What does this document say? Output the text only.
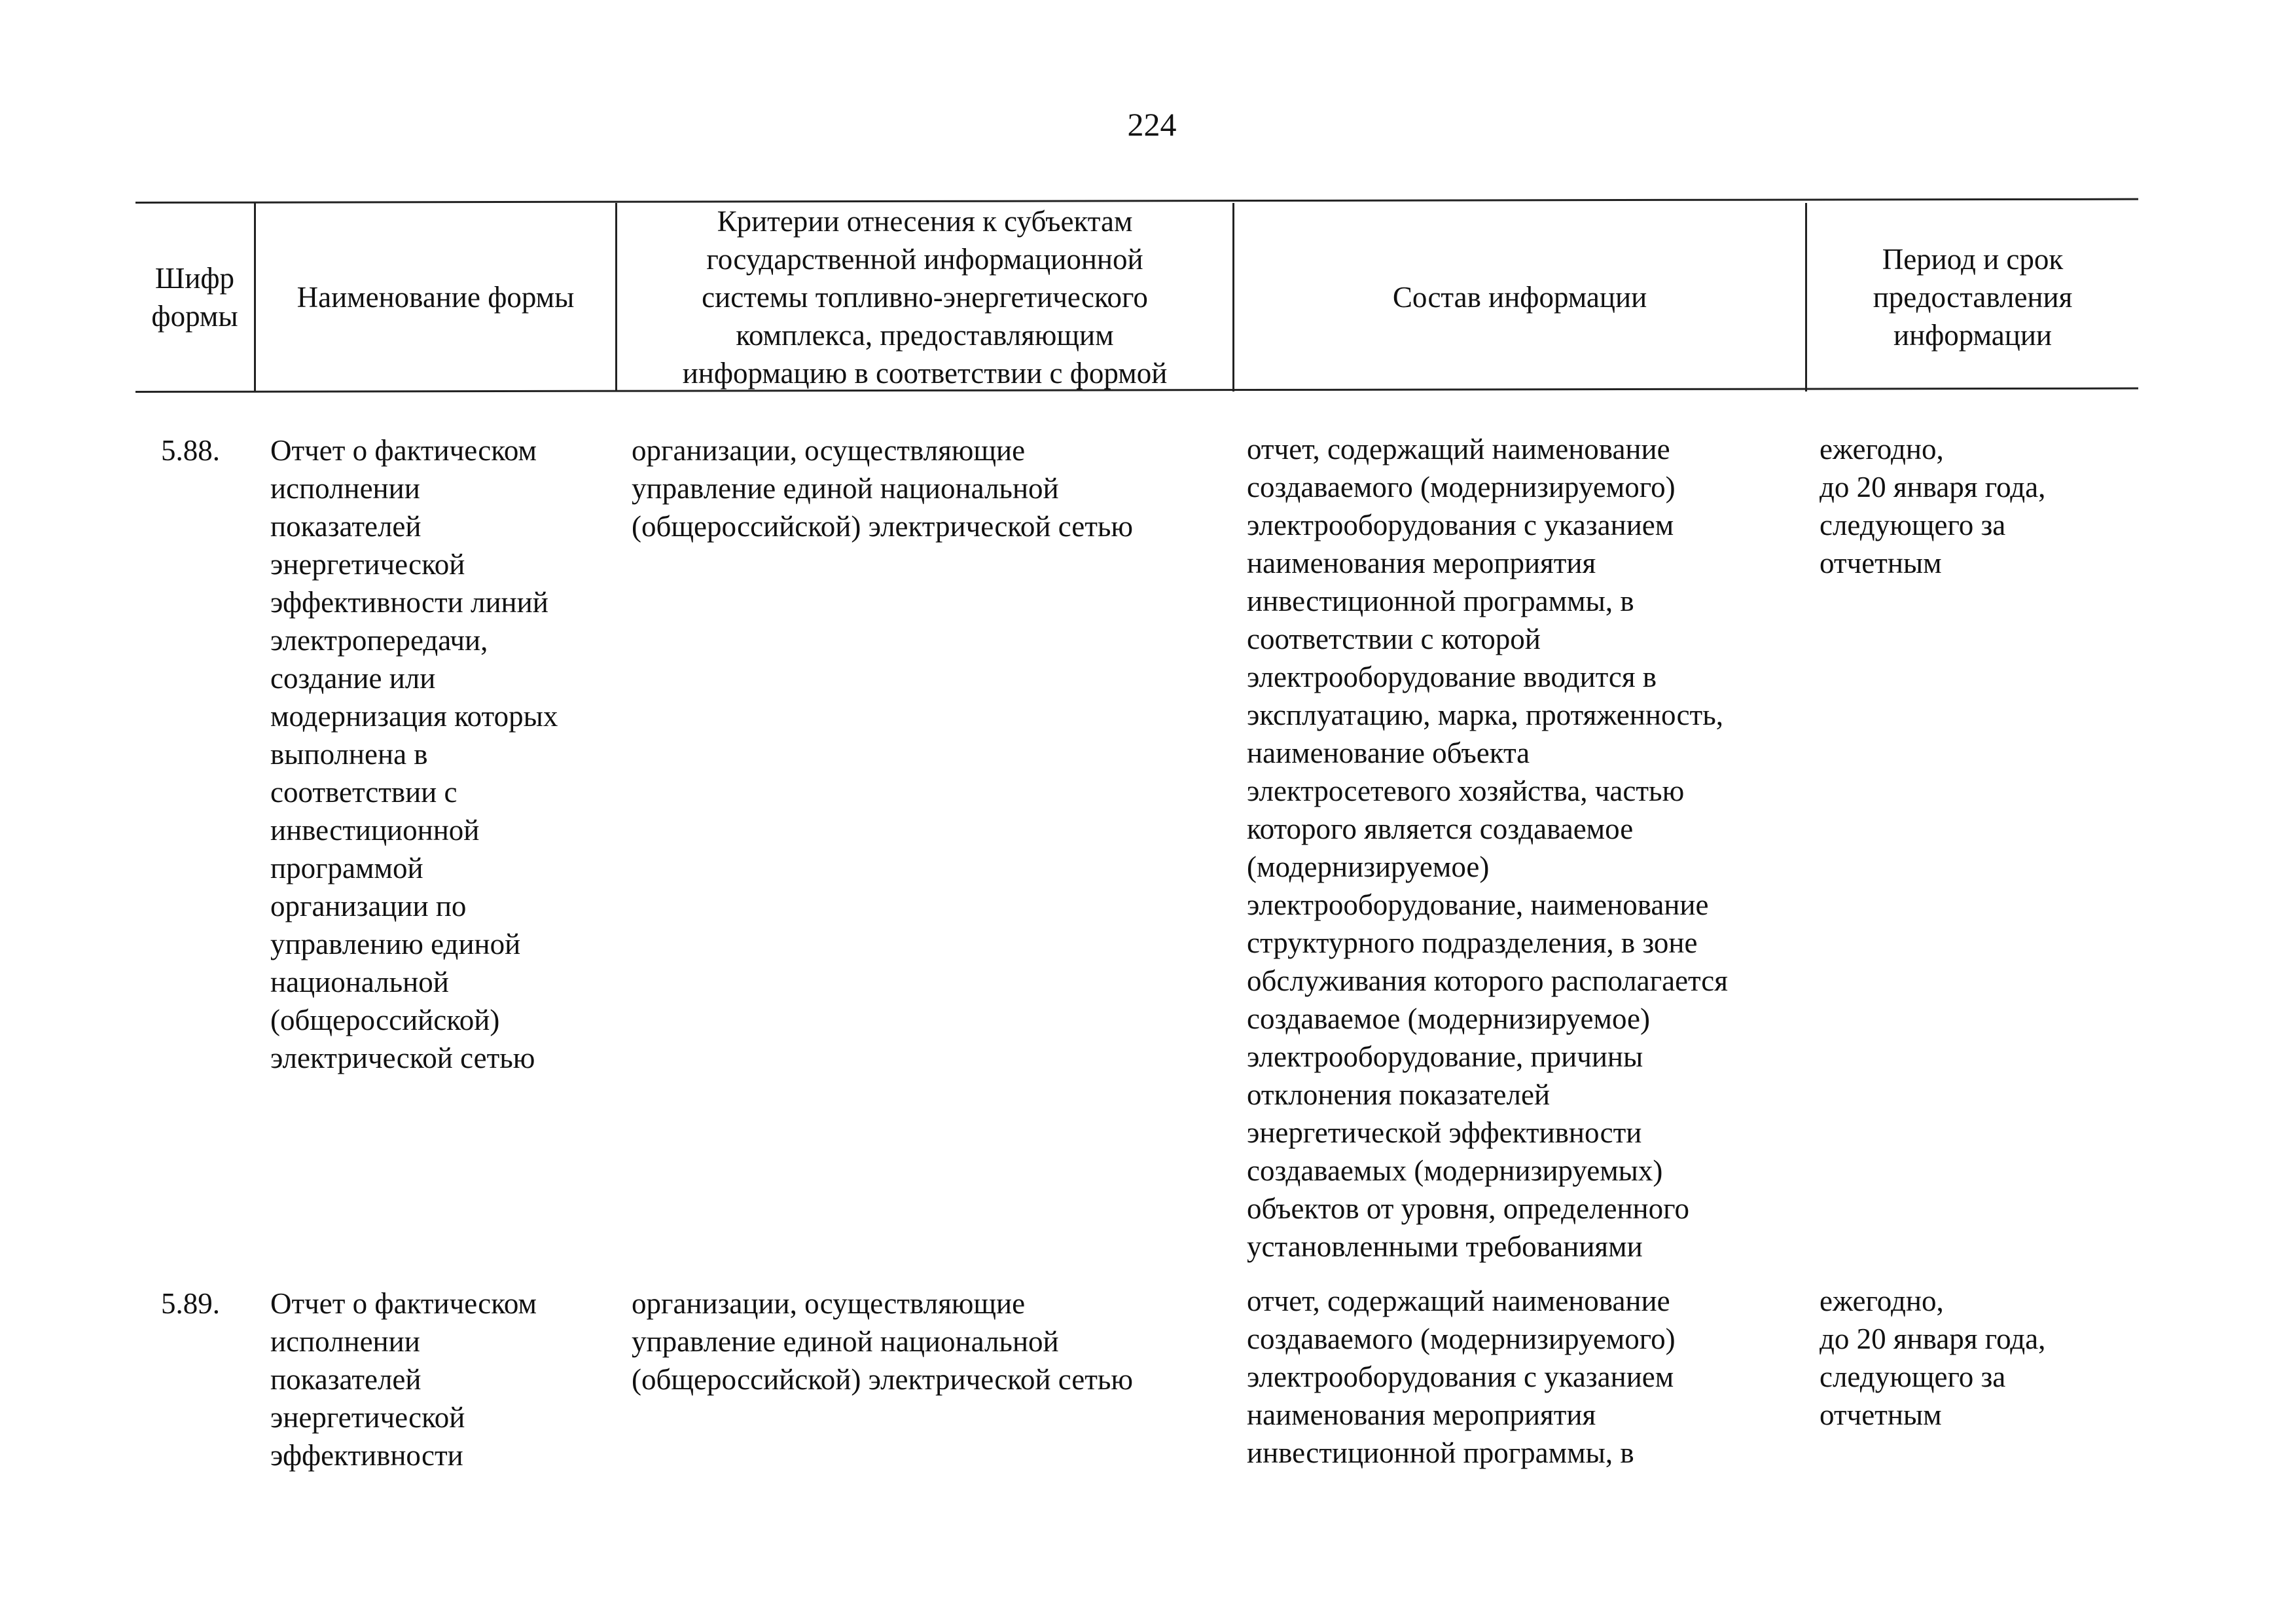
224
Шифр
формы
Наименование формы
Критерии отнесения к субъектам
государственной информационной
системы топливно-энергетического
комплекса, предоставляющим
информацию в соответствии с формой
Состав информации
Период и срок
предоставления
информации
5.88.	Отчет о фактическом
исполнении
показателей
энергетической
эффективности линий
электропередачи,
создание или
модернизация которых
выполнена в
соответствии с
инвестиционной
программой
организации по
управлению единой
национальной
(общероссийской)
электрической сетью
организации, осуществляющие
управление единой национальной
(общероссийской) электрической сетью
отчет, содержащий наименование
создаваемого (модернизируемого)
электрооборудования с указанием
наименования мероприятия
инвестиционной программы, в
соответствии с которой
электрооборудование вводится в
эксплуатацию, марка, протяженность,
наименование объекта
электросетевого хозяйства, частью
которого является создаваемое
(модернизируемое)
электрооборудование, наименование
структурного подразделения, в зоне
обслуживания которого располагается
создаваемое (модернизируемое)
электрооборудование, причины
отклонения показателей
энергетической эффективности
создаваемых (модернизируемых)
объектов от уровня, определенного
установленными требованиями
ежегодно,
до 20 января года,
следующего за
отчетным
5.89.	Отчет о фактическом
исполнении
показателей
энергетической
эффективности
организации, осуществляющие
управление единой национальной
(общероссийской) электрической сетью
отчет, содержащий наименование
создаваемого (модернизируемого)
электрооборудования с указанием
наименования мероприятия
инвестиционной программы, в
ежегодно,
до 20 января года,
следующего за
отчетным
